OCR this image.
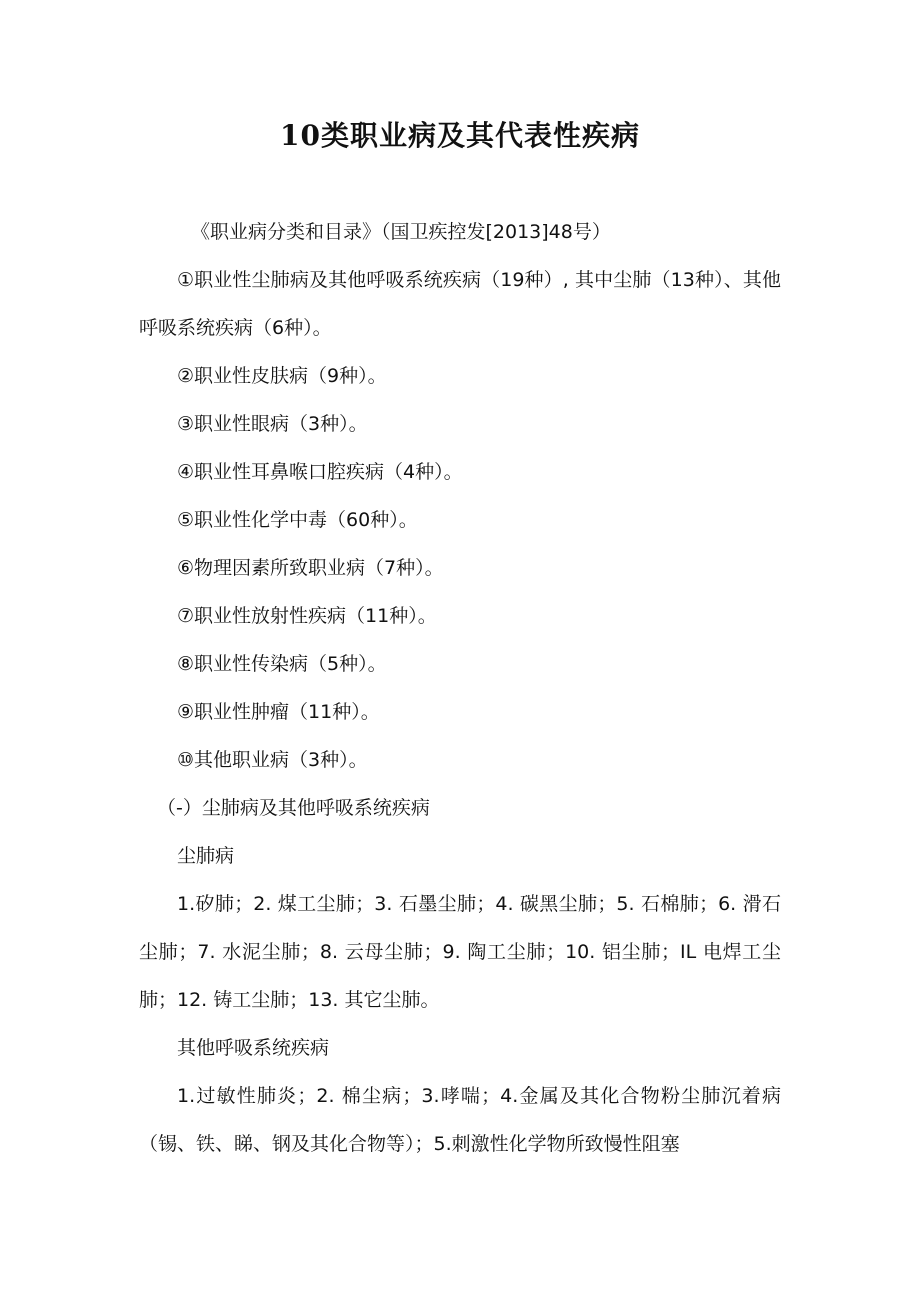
10类职业病及其代表性疾病

《职业病分类和目录》（国卫疾控发[2013]48号）

①职业性尘肺病及其他呼吸系统疾病（19种）, 其中尘肺（13种）、其他呼吸系统疾病（6种）。

②职业性皮肤病（9种）。

③职业性眼病（3种）。

④职业性耳鼻喉口腔疾病（4种）。

⑤职业性化学中毒（60种）。

⑥物理因素所致职业病（7种）。

⑦职业性放射性疾病（11种）。

⑧职业性传染病（5种）。

⑨职业性肿瘤（11种）。

⑩其他职业病（3种）。

（-）尘肺病及其他呼吸系统疾病

尘肺病

1.矽肺；2. 煤工尘肺；3. 石墨尘肺；4. 碳黑尘肺；5. 石棉肺；6. 滑石尘肺；7. 水泥尘肺；8. 云母尘肺；9. 陶工尘肺；10. 铝尘肺；IL 电焊工尘肺；12. 铸工尘肺；13. 其它尘肺。

其他呼吸系统疾病

1.过敏性肺炎；2. 棉尘病；3.哮喘；4.金属及其化合物粉尘肺沉着病（锡、铁、睇、钢及其化合物等）；5.刺激性化学物所致慢性阻塞
